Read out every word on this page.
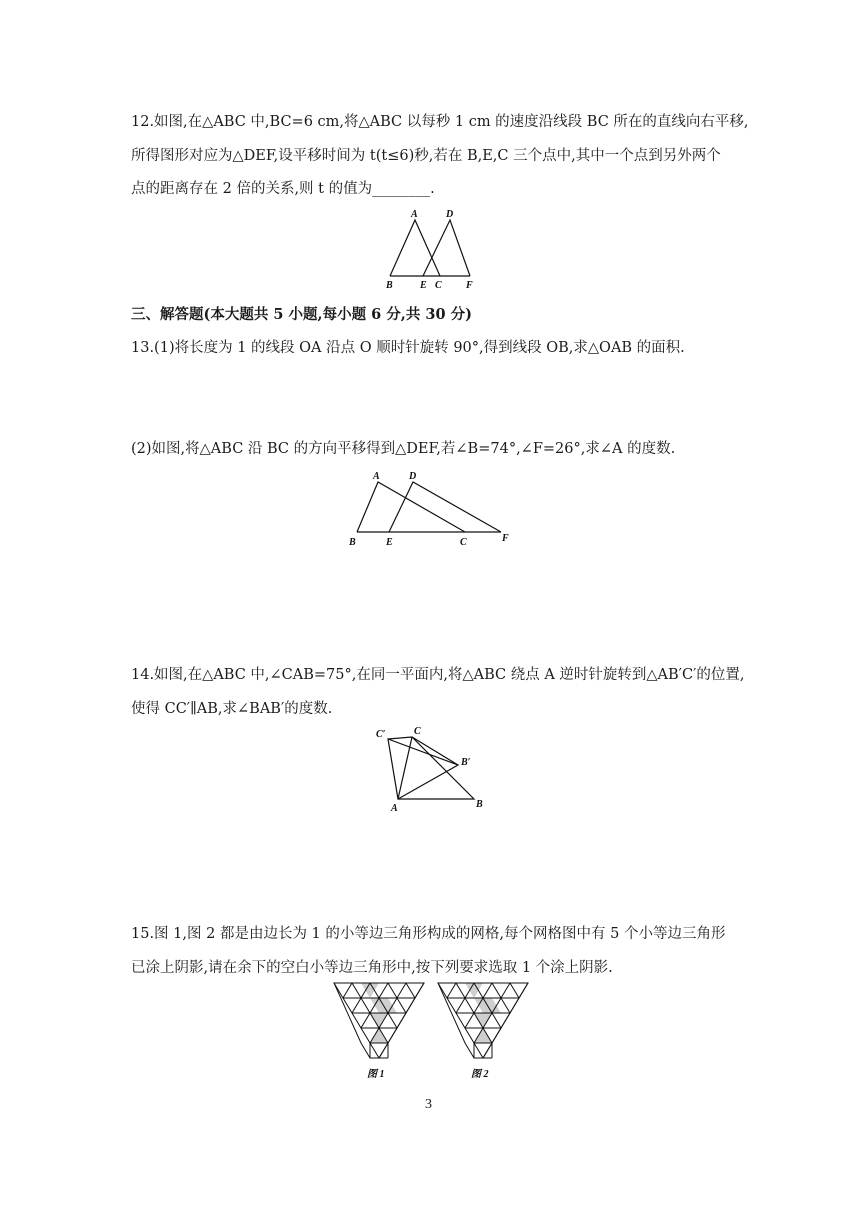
12.如图,在△ABC 中,BC=6 cm,将△ABC 以每秒 1 cm 的速度沿线段 BC 所在的直线向右平移,
所得图形对应为△DEF,设平移时间为 t(t≤6)秒,若在 B,E,C 三个点中,其中一个点到另外两个
点的距离存在 2 倍的关系,则 t 的值为________.
A	D
B	E C F
三、解答题(本大题共 5 小题,每小题 6 分,共 30 分)
13.(1)将长度为 1 的线段 OA 沿点 O 顺时针旋转 90°,得到线段 OB,求△OAB 的面积.
(2)如图,将△ABC 沿 BC 的方向平移得到△DEF,若∠B=74°,∠F=26°,求∠A 的度数.
A	D
B	E	C	F
14.如图,在△ABC 中,∠CAB=75°,在同一平面内,将△ABC 绕点 A 逆时针旋转到△AB′C′的位置,
使得 CC′∥AB,求∠BAB′的度数.
C′	C
B′
A	B
15.图 1,图 2 都是由边长为 1 的小等边三角形构成的网格,每个网格图中有 5 个小等边三角形
已涂上阴影,请在余下的空白小等边三角形中,按下列要求选取 1 个涂上阴影.
图 1	图 2
3
